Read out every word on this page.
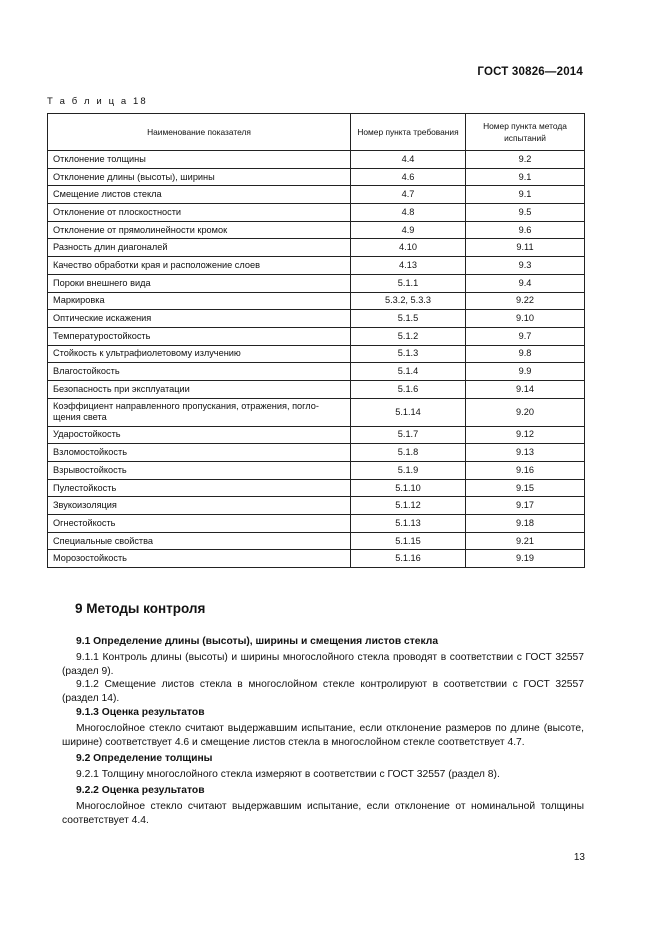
ГОСТ 30826—2014
Т а б л и ц а 18
Наименование показателя	Номер пункта требования	Номер пункта метода испытаний
Отклонение толщины	4.4	9.2
Отклонение длины (высоты), ширины	4.6	9.1
Смещение листов стекла	4.7	9.1
Отклонение от плоскостности	4.8	9.5
Отклонение от прямолинейности кромок	4.9	9.6
Разность длин диагоналей	4.10	9.11
Качество обработки края и расположение слоев	4.13	9.3
Пороки внешнего вида	5.1.1	9.4
Маркировка	5.3.2, 5.3.3	9.22
Оптические искажения	5.1.5	9.10
Температуростойкость	5.1.2	9.7
Стойкость к ультрафиолетовому излучению	5.1.3	9.8
Влагостойкость	5.1.4	9.9
Безопасность при эксплуатации	5.1.6	9.14
Коэффициент направленного пропускания, отражения, погло-щения света	5.1.14	9.20
Ударостойкость	5.1.7	9.12
Взломостойкость	5.1.8	9.13
Взрывостойкость	5.1.9	9.16
Пулестойкость	5.1.10	9.15
Звукоизоляция	5.1.12	9.17
Огнестойкость	5.1.13	9.18
Специальные свойства	5.1.15	9.21
Морозостойкость	5.1.16	9.19
9 Методы контроля
9.1 Определение длины (высоты), ширины и смещения листов стекла
9.1.1 Контроль длины (высоты) и ширины многослойного стекла проводят в соответствии с ГОСТ 32557 (раздел 9).
9.1.2 Смещение листов стекла в многослойном стекле контролируют в соответствии с ГОСТ 32557 (раздел 14).
9.1.3 Оценка результатов
Многослойное стекло считают выдержавшим испытание, если отклонение размеров по длине (высоте, ширине) соответствует 4.6 и смещение листов стекла в многослойном стекле соответствует 4.7.
9.2 Определение толщины
9.2.1 Толщину многослойного стекла измеряют в соответствии с ГОСТ 32557 (раздел 8).
9.2.2 Оценка результатов
Многослойное стекло считают выдержавшим испытание, если отклонение от номинальной толщины соответствует 4.4.
13
